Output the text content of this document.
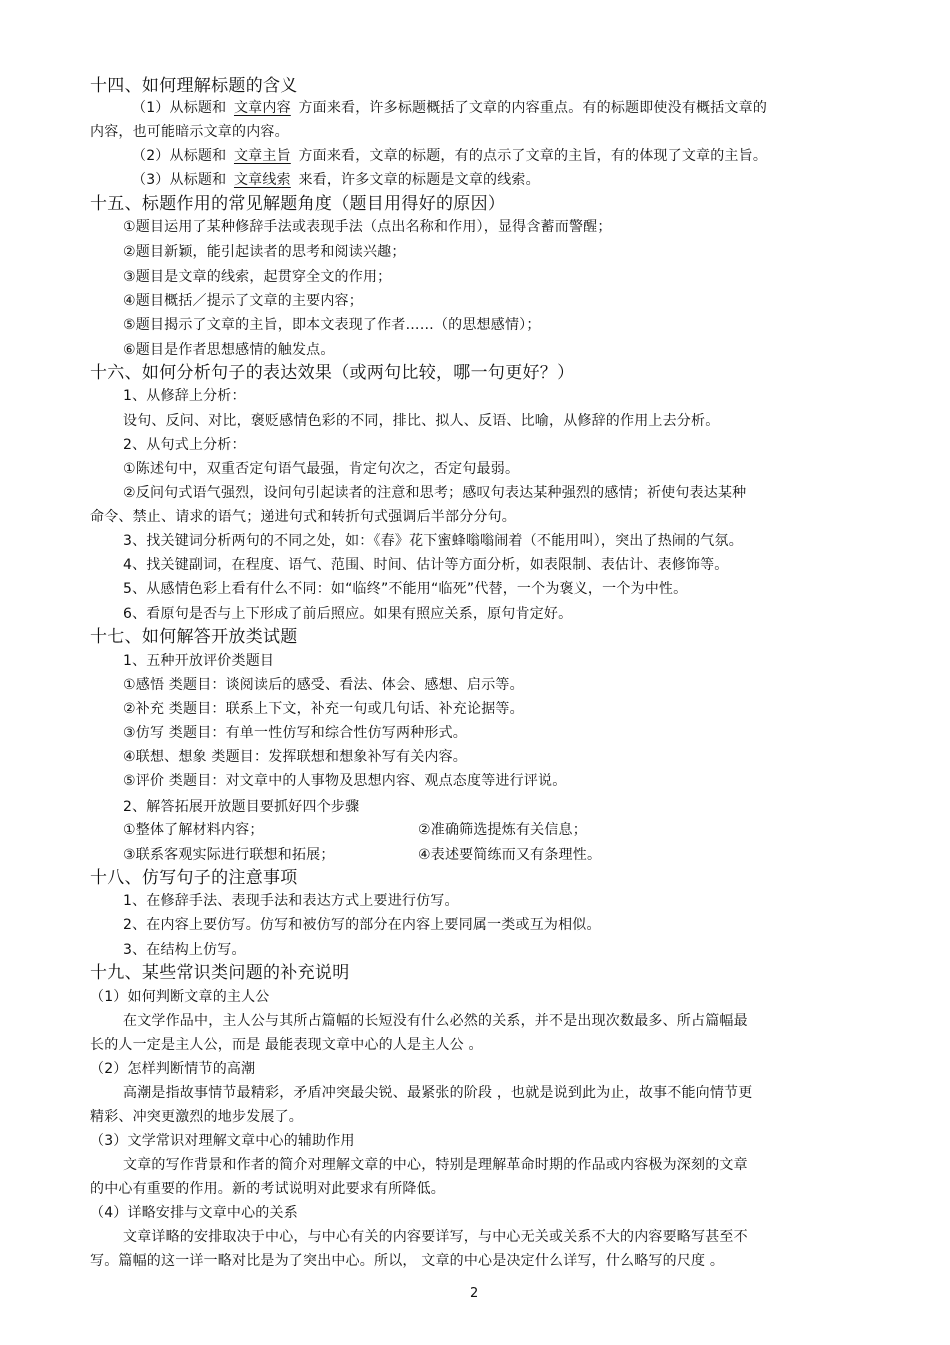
十四、如何理解标题的含义
（1）从标题和 文章内容 方面来看，许多标题概括了文章的内容重点。有的标题即使没有概括文章的
内容，也可能暗示文章的内容。
（2）从标题和 文章主旨 方面来看，文章的标题，有的点示了文章的主旨，有的体现了文章的主旨。
（3）从标题和 文章线索 来看，许多文章的标题是文章的线索。
十五、标题作用的常见解题角度（题目用得好的原因）
①题目运用了某种修辞手法或表现手法（点出名称和作用），显得含蓄而警醒；
②题目新颖，能引起读者的思考和阅读兴趣；
③题目是文章的线索，起贯穿全文的作用；
④题目概括／提示了文章的主要内容；
⑤题目揭示了文章的主旨，即本文表现了作者……（的思想感情）；
⑥题目是作者思想感情的触发点。
十六、如何分析句子的表达效果（或两句比较，哪一句更好？）
1、从修辞上分析：
设句、反问、对比，褒贬感情色彩的不同，排比、拟人、反语、比喻，从修辞的作用上去分析。
2、从句式上分析：
①陈述句中，双重否定句语气最强，肯定句次之，否定句最弱。
②反问句式语气强烈，设问句引起读者的注意和思考；感叹句表达某种强烈的感情；祈使句表达某种
命令、禁止、请求的语气；递进句式和转折句式强调后半部分分句。
3、找关键词分析两句的不同之处，如：《春》花下蜜蜂嗡嗡闹着（不能用叫），突出了热闹的气氛。
4、找关键副词，在程度、语气、范围、时间、估计等方面分析，如表限制、表估计、表修饰等。
5、从感情色彩上看有什么不同：如“临终”不能用“临死”代替，一个为褒义，一个为中性。
6、看原句是否与上下形成了前后照应。如果有照应关系，原句肯定好。
十七、如何解答开放类试题
1、五种开放评价类题目
①感悟 类题目：谈阅读后的感受、看法、体会、感想、启示等。
②补充 类题目：联系上下文，补充一句或几句话、补充论据等。
③仿写 类题目：有单一性仿写和综合性仿写两种形式。
④联想、想象 类题目：发挥联想和想象补写有关内容。
⑤评价 类题目：对文章中的人事物及思想内容、观点态度等进行评说。
2、解答拓展开放题目要抓好四个步骤
①整体了解材料内容；	②准确筛选提炼有关信息；
③联系客观实际进行联想和拓展；	④表述要简练而又有条理性。
十八、仿写句子的注意事项
1、在修辞手法、表现手法和表达方式上要进行仿写。
2、在内容上要仿写。仿写和被仿写的部分在内容上要同属一类或互为相似。
3、在结构上仿写。
十九、某些常识类问题的补充说明
（1）如何判断文章的主人公
在文学作品中，主人公与其所占篇幅的长短没有什么必然的关系，并不是出现次数最多、所占篇幅最
长的人一定是主人公，而是 最能表现文章中心的人是主人公 。
（2）怎样判断情节的高潮
高潮是指故事情节最精彩，矛盾冲突最尖锐、最紧张的阶段 ，也就是说到此为止，故事不能向情节更
精彩、冲突更激烈的地步发展了。
（3）文学常识对理解文章中心的辅助作用
文章的写作背景和作者的简介对理解文章的中心，特别是理解革命时期的作品或内容极为深刻的文章
的中心有重要的作用。新的考试说明对此要求有所降低。
（4）详略安排与文章中心的关系
文章详略的安排取决于中心，与中心有关的内容要详写，与中心无关或关系不大的内容要略写甚至不
写。篇幅的这一详一略对比是为了突出中心。所以， 文章的中心是决定什么详写，什么略写的尺度 。
2
